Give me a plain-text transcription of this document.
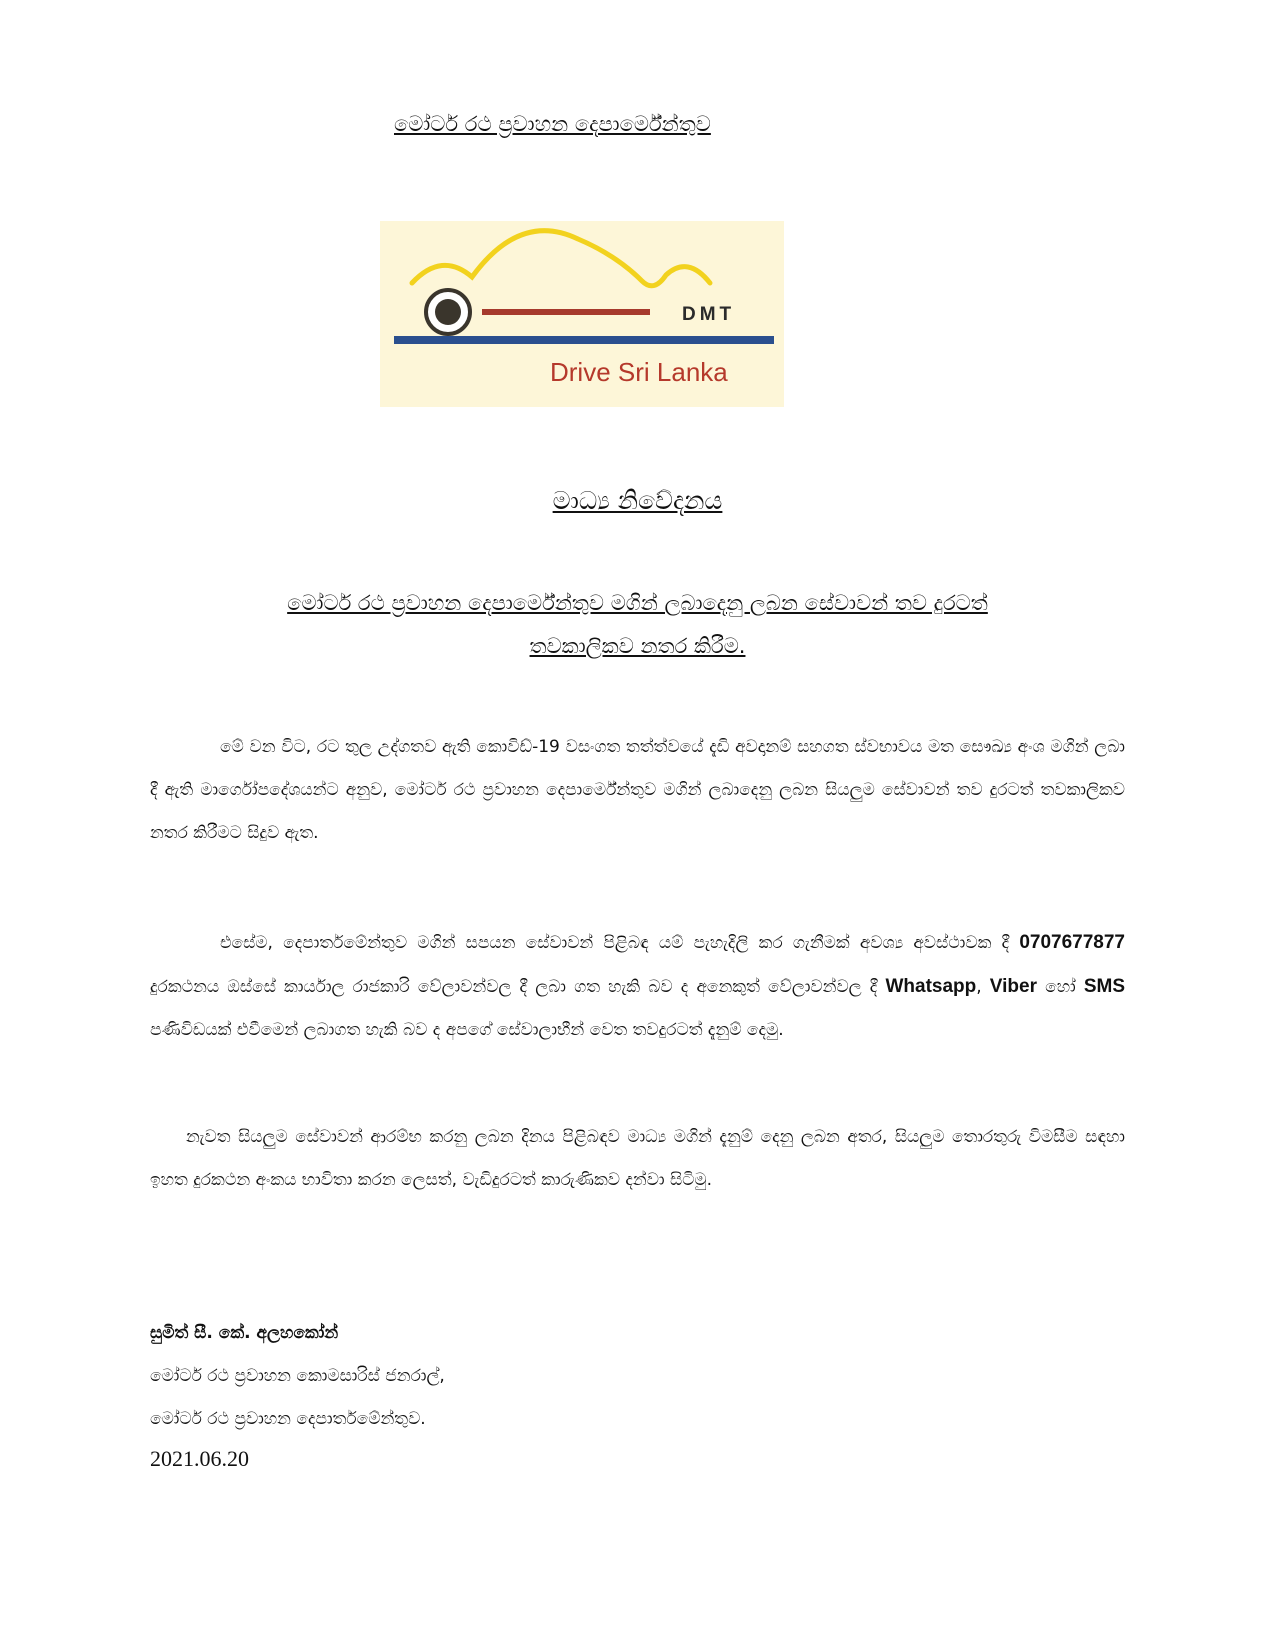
මෝටර් රථ ප්‍රවාහන දෙපාර්මේන්තුව
DMT
Drive Sri Lanka
මාධ්‍ය නිවේදනය
මෝටර් රථ ප්‍රවාහන දෙපාර්මේන්තුව මගින් ලබාදෙනු ලබන සේවාවන් තව දුරටත්
තවකාලිකව නතර කිරීම.

මේ වන විට, රට තුල උද්ගතව ඇති කොවිඩ්-19 වසංගත තත්ත්වයේ දැඩි අවදානම් සහගත ස්වභාවය මත සෞඛ්‍ය අංශ මගින් ලබා දී ඇති මාර්ගෝපදේශයන්ට අනුව, මෝටර් රථ ප්‍රවාහන දෙපාර්මේන්තුව මගින් ලබාදෙනු ලබන සියලුම සේවාවන් තව දුරටත් තවකාලිකව නතර කිරීමට සිදුව ඇත.

එසේම, දෙපාර්තමේන්තුව මගින් සපයන සේවාවන් පිළිබඳ යම් පැහැදිලි කර ගැනීමක් අවශ්‍ය අවස්ථාවක දී 0707677877 දුරකථනය ඔස්සේ කාර්යාල රාජකාරි වේලාවන්වල දී ලබා ගත හැකි බව ද අනෙකුත් වේලාවන්වල දී Whatsapp, Viber හෝ SMS පණිවිඩයක් එවීමෙන් ලබාගත හැකි බව ද අපගේ සේවාලාභීන් වෙත තවදුරටත් දැනුම් දෙමු.

නැවත සියලුම සේවාවන් ආරම්භ කරනු ලබන දිනය පිළිබඳව මාධ්‍ය මගින් දැනුම් දෙනු ලබන අතර, සියලුම තොරතුරු විමසීම සඳහා ඉහත දුරකථන අංකය භාවිතා කරන ලෙසත්, වැඩිදුරටත් කාරුණිකව දන්වා සිටිමු.

සුමිත් සී. කේ. අලහකෝන්
මෝටර් රථ ප්‍රවාහන කොමසාරිස් ජනරාල්,
මෝටර් රථ ප්‍රවාහන දෙපාර්තමේන්තුව.
2021.06.20
